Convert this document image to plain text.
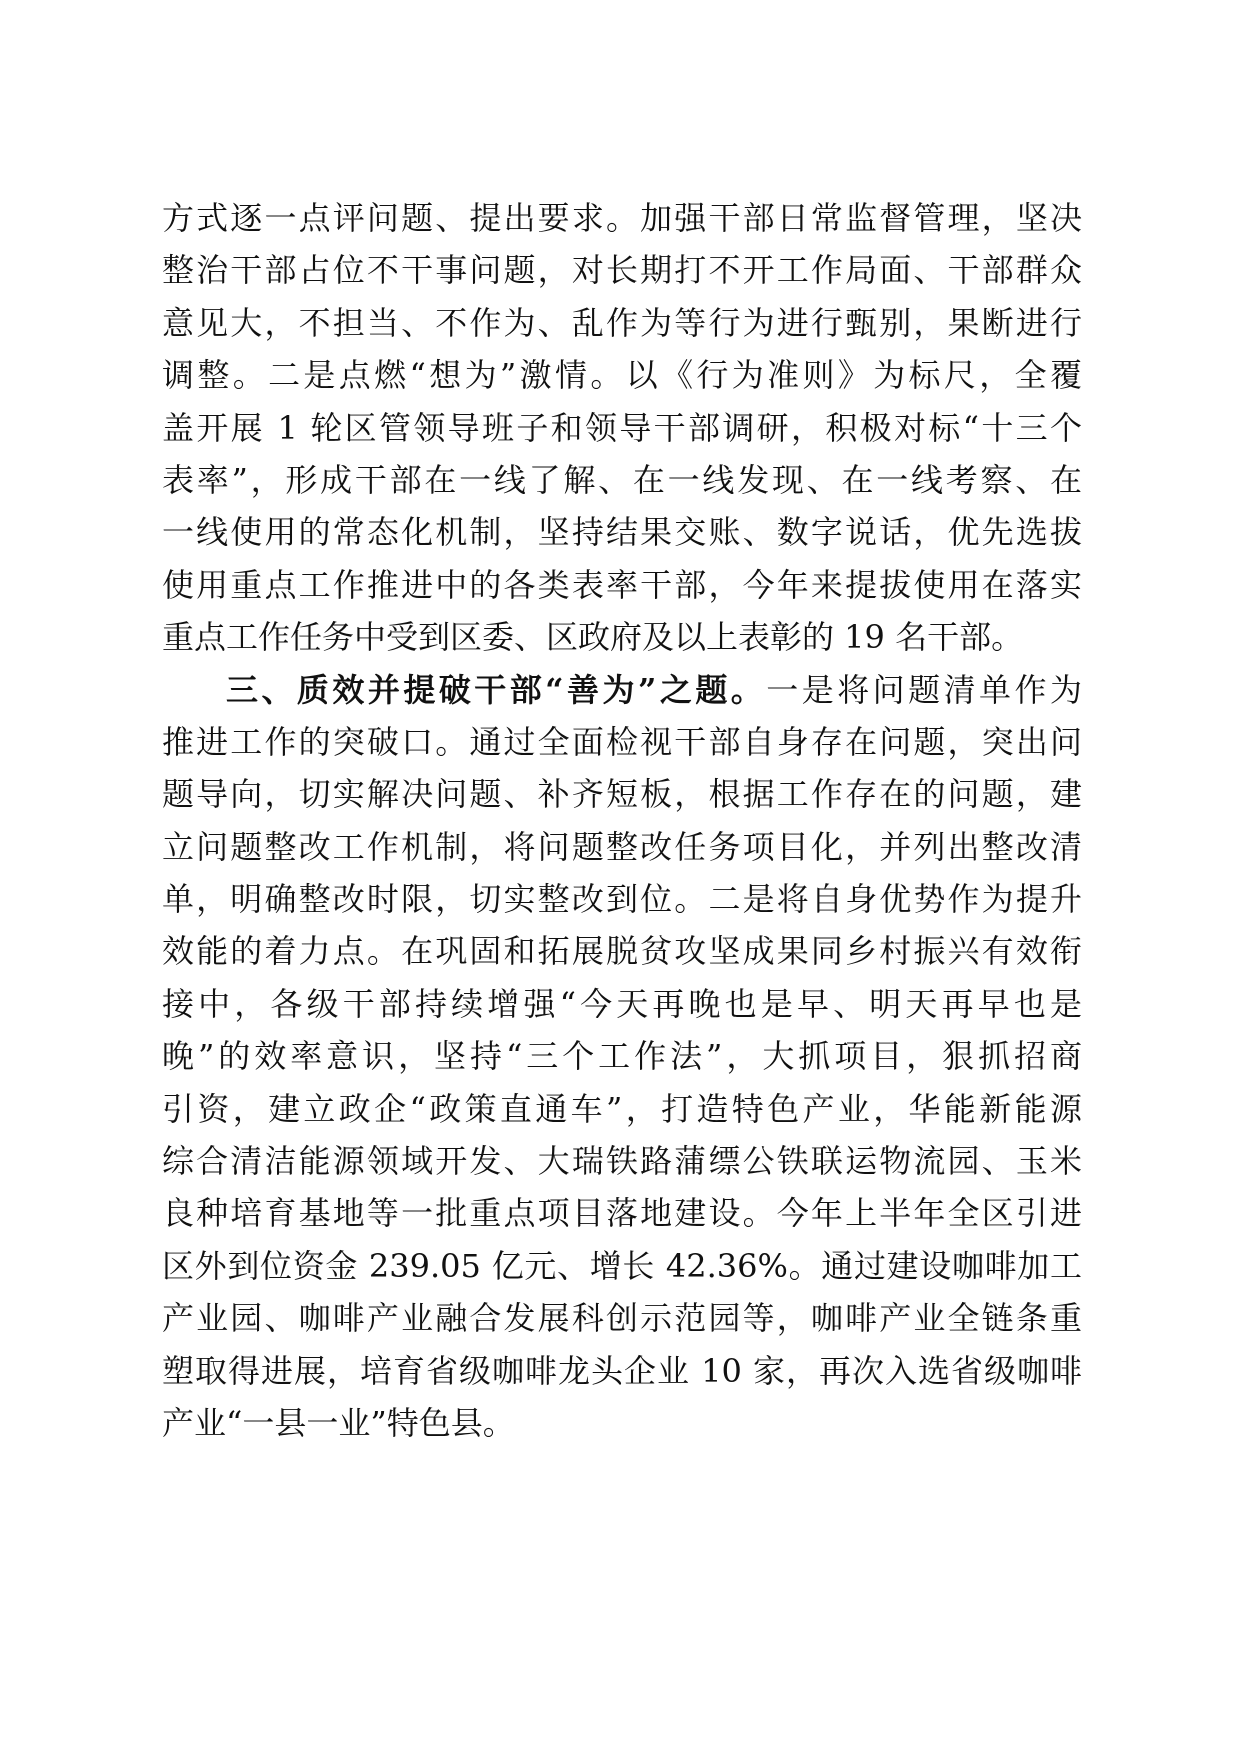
方式逐一点评问题、提出要求。加强干部日常监督管理，坚决
整治干部占位不干事问题，对长期打不开工作局面、干部群众
意见大，不担当、不作为、乱作为等行为进行甄别，果断进行
调整。二是点燃“想为”激情。以《行为准则》为标尺，全覆
盖开展 1 轮区管领导班子和领导干部调研，积极对标“十三个
表率”，形成干部在一线了解、在一线发现、在一线考察、在
一线使用的常态化机制，坚持结果交账、数字说话，优先选拔
使用重点工作推进中的各类表率干部，今年来提拔使用在落实
重点工作任务中受到区委、区政府及以上表彰的 19 名干部。
三、质效并提破干部“善为”之题。一是将问题清单作为
推进工作的突破口。通过全面检视干部自身存在问题，突出问
题导向，切实解决问题、补齐短板，根据工作存在的问题，建
立问题整改工作机制，将问题整改任务项目化，并列出整改清
单，明确整改时限，切实整改到位。二是将自身优势作为提升
效能的着力点。在巩固和拓展脱贫攻坚成果同乡村振兴有效衔
接中，各级干部持续增强“今天再晚也是早、明天再早也是
晚”的效率意识，坚持“三个工作法”，大抓项目，狠抓招商
引资，建立政企“政策直通车”，打造特色产业，华能新能源
综合清洁能源领域开发、大瑞铁路蒲缥公铁联运物流园、玉米
良种培育基地等一批重点项目落地建设。今年上半年全区引进
区外到位资金 239.05 亿元、增长 42.36%。通过建设咖啡加工
产业园、咖啡产业融合发展科创示范园等，咖啡产业全链条重
塑取得进展，培育省级咖啡龙头企业 10 家，再次入选省级咖啡
产业“一县一业”特色县。
